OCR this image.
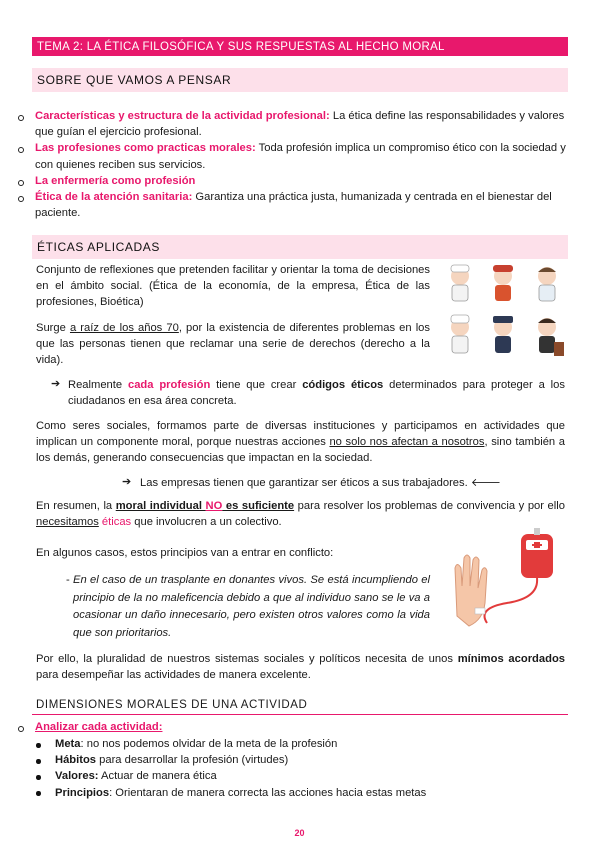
TEMA 2: LA ÉTICA FILOSÓFICA Y SUS RESPUESTAS AL HECHO MORAL
SOBRE QUE VAMOS A PENSAR

Características y estructura de la actividad profesional: La ética define las responsabilidades y valores que guían el ejercicio profesional.

Las profesiones como practicas morales: Toda profesión implica un compromiso ético con la sociedad y con quienes reciben sus servicios.

La enfermería como profesión

Ética de la atención sanitaria: Garantiza una práctica justa, humanizada y centrada en el bienestar del paciente.

ÉTICAS APLICADAS
Conjunto de reflexiones que pretenden facilitar y orientar la toma de decisiones en el ámbito social. (Ética de la economía, de la empresa, Ética de las profesiones, Bioética)
Surge a raíz de los años 70, por la existencia de diferentes problemas en los que las personas tienen que reclamar una serie de derechos (derecho a la vida).
➔ Realmente cada profesión tiene que crear códigos éticos determinados para proteger a los ciudadanos en esa área concreta.
Como seres sociales, formamos parte de diversas instituciones y participamos en actividades que implican un componente moral, porque nuestras acciones no solo nos afectan a nosotros, sino también a los demás, generando consecuencias que impactan en la sociedad.
➔ Las empresas tienen que garantizar ser éticos a sus trabajadores. 🡐
En resumen, la moral individual NO es suficiente para resolver los problemas de convivencia y por ello necesitamos éticas que involucren a un colectivo.
En algunos casos, estos principios van a entrar en conflicto:
- En el caso de un trasplante en donantes vivos. Se está incumpliendo el principio de la no maleficencia debido a que al individuo sano se le va a ocasionar un daño innecesario, pero existen otros valores como la vida que son prioritarios.
Por ello, la pluralidad de nuestros sistemas sociales y políticos necesita de unos mínimos acordados para desempeñar las actividades de manera excelente.
DIMENSIONES MORALES DE UNA ACTIVIDAD
Analizar cada actividad:

Meta: no nos podemos olvidar de la meta de la profesión

Hábitos para desarrollar la profesión (virtudes)

Valores: Actuar de manera ética

Principios: Orientaran de manera correcta las acciones hacia estas metas

20
